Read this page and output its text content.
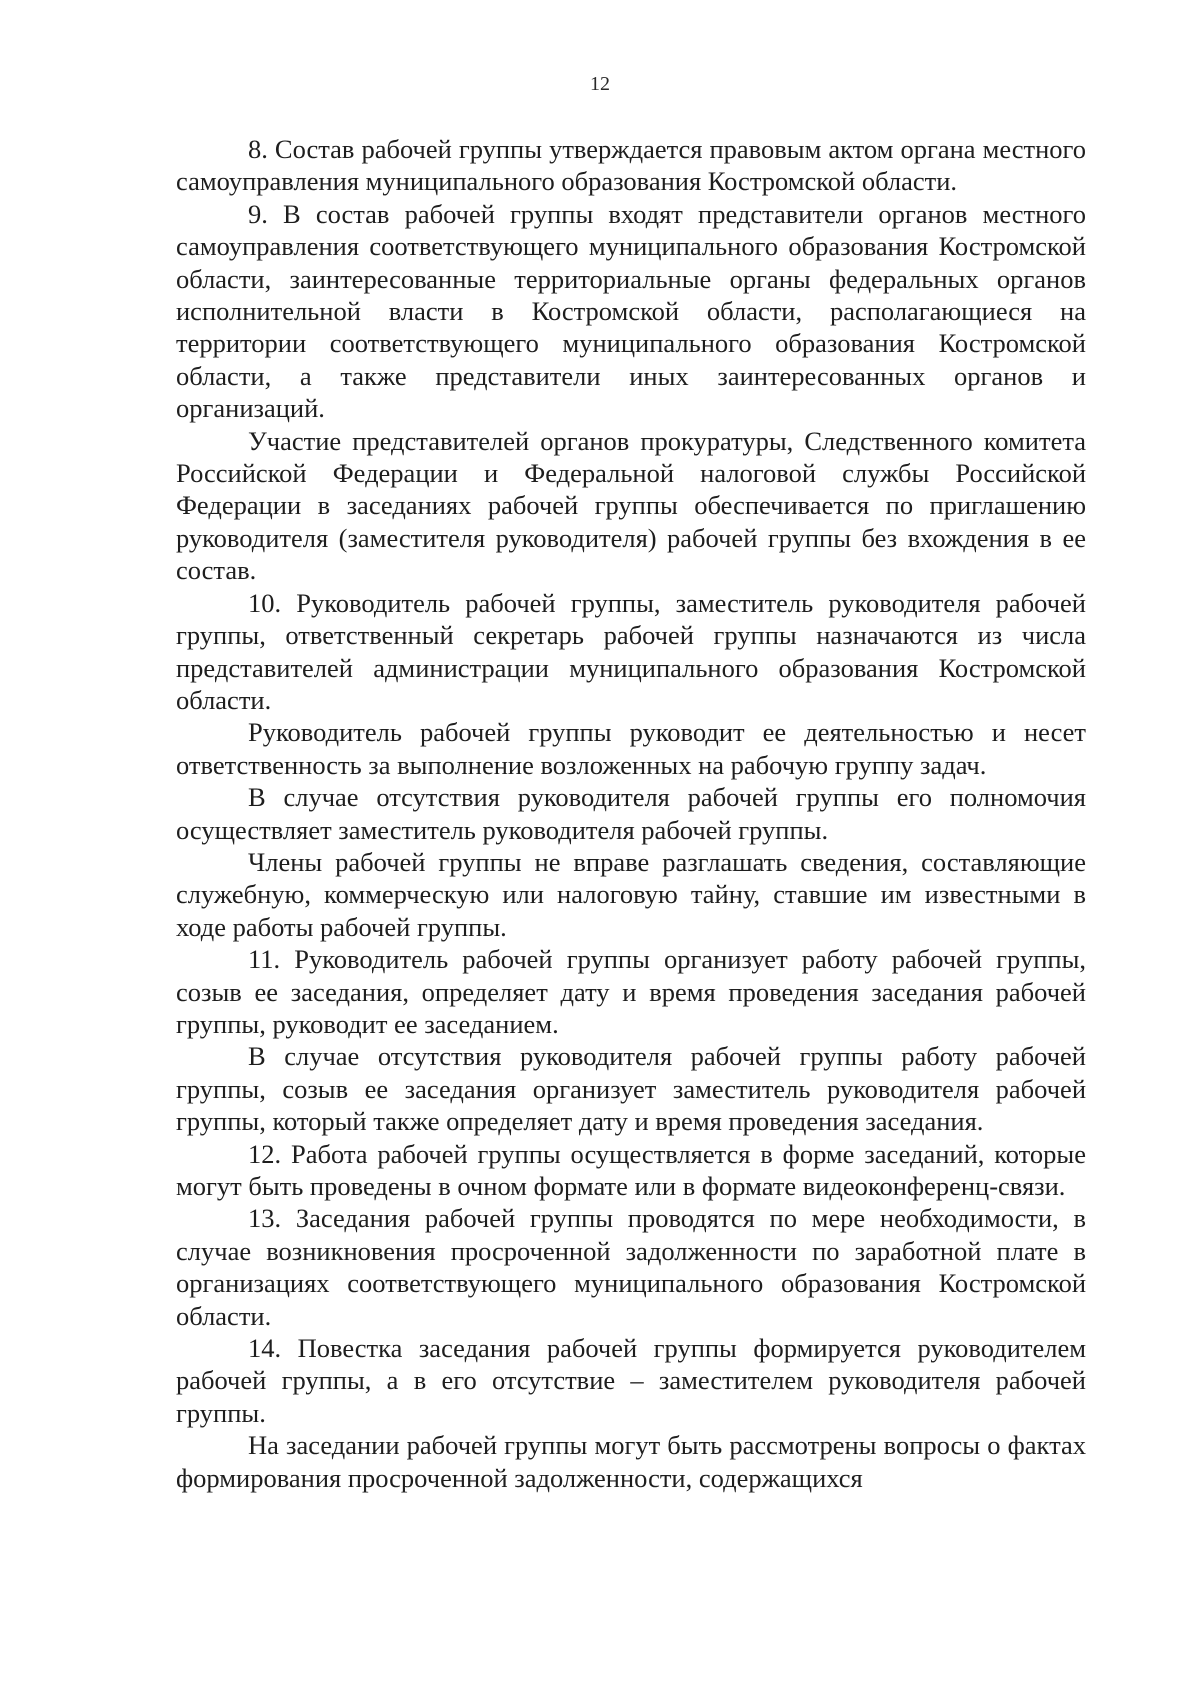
12

8. Состав рабочей группы утверждается правовым актом органа местного самоуправления муниципального образования Костромской области.

9. В состав рабочей группы входят представители органов местного самоуправления соответствующего муниципального образования Костромской области, заинтересованные территориальные органы федеральных органов исполнительной власти в Костромской области, располагающиеся на территории соответствующего муниципального образования Костромской области, а также представители иных заинтересованных органов и организаций.

Участие представителей органов прокуратуры, Следственного комитета Российской Федерации и Федеральной налоговой службы Российской Федерации в заседаниях рабочей группы обеспечивается по приглашению руководителя (заместителя руководителя) рабочей группы без вхождения в ее состав.

10. Руководитель рабочей группы, заместитель руководителя рабочей группы, ответственный секретарь рабочей группы назначаются из числа представителей администрации муниципального образования Костромской области.

Руководитель рабочей группы руководит ее деятельностью и несет ответственность за выполнение возложенных на рабочую группу задач.

В случае отсутствия руководителя рабочей группы его полномочия осуществляет заместитель руководителя рабочей группы.

Члены рабочей группы не вправе разглашать сведения, составляющие служебную, коммерческую или налоговую тайну, ставшие им известными в ходе работы рабочей группы.

11. Руководитель рабочей группы организует работу рабочей группы, созыв ее заседания, определяет дату и время проведения заседания рабочей группы, руководит ее заседанием.

В случае отсутствия руководителя рабочей группы работу рабочей группы, созыв ее заседания организует заместитель руководителя рабочей группы, который также определяет дату и время проведения заседания.

12. Работа рабочей группы осуществляется в форме заседаний, которые могут быть проведены в очном формате или в формате видеоконференц-связи.

13. Заседания рабочей группы проводятся по мере необходимости, в случае возникновения просроченной задолженности по заработной плате в организациях соответствующего муниципального образования Костромской области.

14. Повестка заседания рабочей группы формируется руководителем рабочей группы, а в его отсутствие – заместителем руководителя рабочей группы.

На заседании рабочей группы могут быть рассмотрены вопросы о фактах формирования просроченной задолженности, содержащихся
